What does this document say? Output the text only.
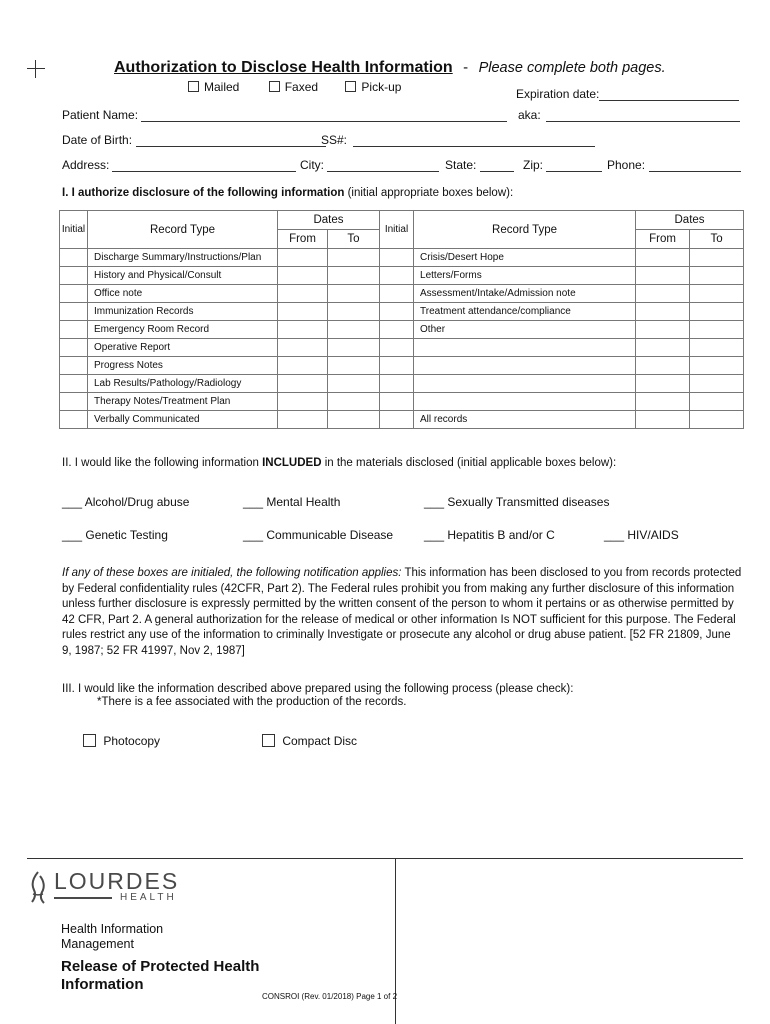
Authorization to Disclose Health Information - Please complete both pages.
Mailed	Faxed	Pick-up	Expiration date:
Patient Name:	aka:
Date of Birth:	SS#:
Address:	City:	State:	Zip:	Phone:
I. I authorize disclosure of the following information (initial appropriate boxes below):
Initial	Record Type	Dates		Initial	Record Type	Dates	
		From	To			From	To
	Discharge Summary/Instructions/Plan				Crisis/Desert Hope		
	History and Physical/Consult				Letters/Forms		
	Office note				Assessment/Intake/Admission note		
	Immunization Records				Treatment attendance/compliance		
	Emergency Room Record				Other		
	Operative Report						
	Progress Notes						
	Lab Results/Pathology/Radiology						
	Therapy Notes/Treatment Plan						
	Verbally Communicated				All records		
II. I would like the following information INCLUDED in the materials disclosed (initial applicable boxes below):
___ Alcohol/Drug abuse	___ Mental Health	___ Sexually Transmitted diseases
___ Genetic Testing	___ Communicable Disease	___ Hepatitis B and/or C	___ HIV/AIDS
If any of these boxes are initialed, the following notification applies: This information has been disclosed to you from records protected by Federal confidentiality rules (42CFR, Part 2). The Federal rules prohibit you from making any further disclosure of this information unless further disclosure is expressly permitted by the written consent of the person to whom it pertains or as otherwise permitted by 42 CFR, Part 2. A general authorization for the release of medical or other information Is NOT sufficient for this purpose. The Federal rules restrict any use of the information to criminally Investigate or prosecute any alcohol or drug abuse patient. [52 FR 21809, June 9, 1987; 52 FR 41997, Nov 2, 1987]
III. I would like the information described above prepared using the following process (please check):
*There is a fee associated with the production of the records.
Photocopy	Compact Disc
LOURDES
HEALTH
Health Information
Management
Release of Protected Health
Information
CONSROI (Rev. 01/2018) Page 1 of 2
